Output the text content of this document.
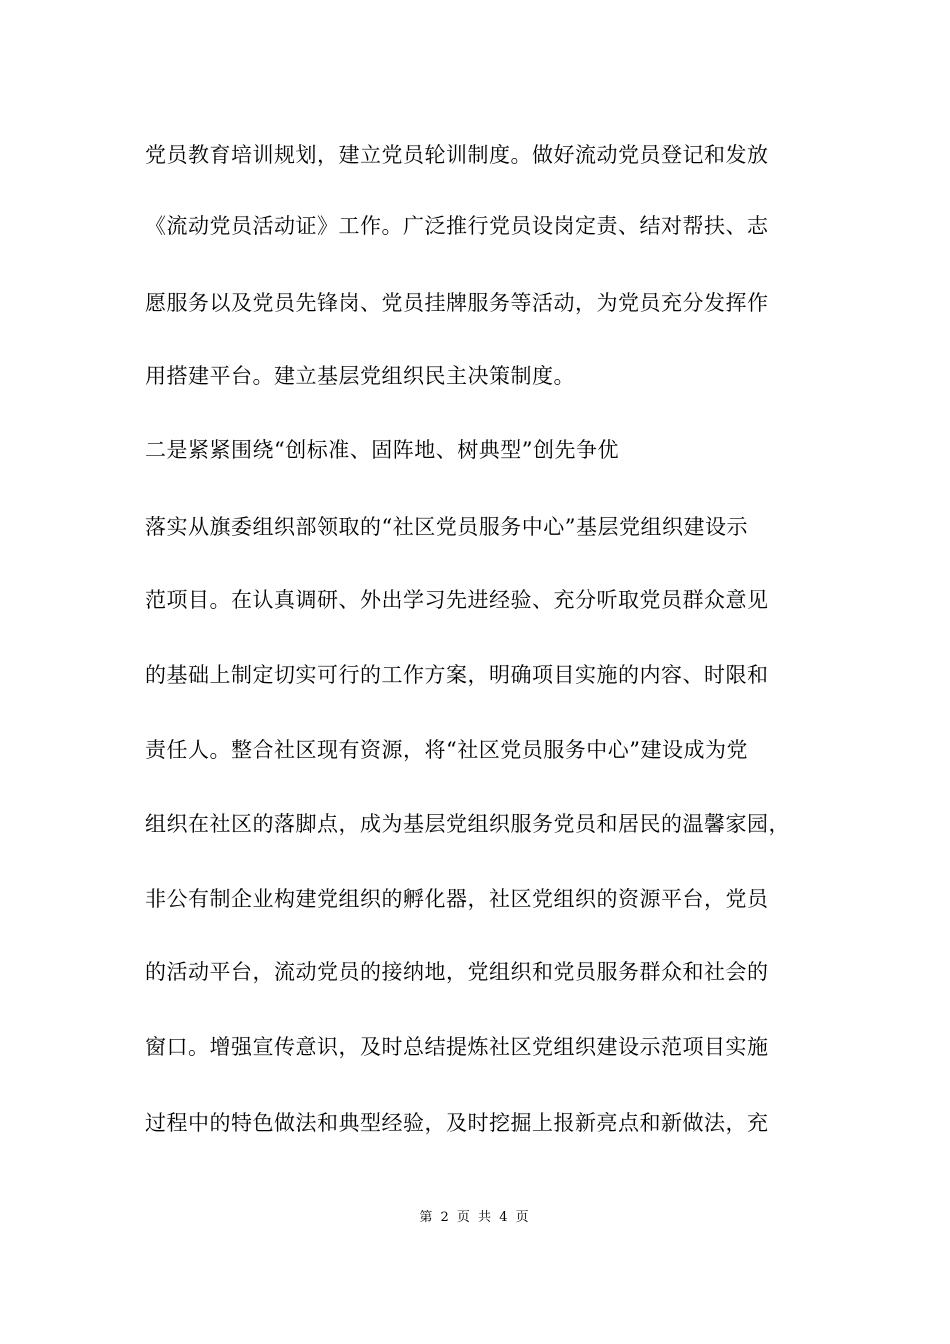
党员教育培训规划，建立党员轮训制度。做好流动党员登记和发放
《流动党员活动证》工作。广泛推行党员设岗定责、结对帮扶、志
愿服务以及党员先锋岗、党员挂牌服务等活动，为党员充分发挥作
用搭建平台。建立基层党组织民主决策制度。
二是紧紧围绕“创标准、固阵地、树典型”创先争优
落实从旗委组织部领取的“社区党员服务中心”基层党组织建设示
范项目。在认真调研、外出学习先进经验、充分听取党员群众意见
的基础上制定切实可行的工作方案，明确项目实施的内容、时限和
责任人。整合社区现有资源，将“社区党员服务中心”建设成为党
组织在社区的落脚点，成为基层党组织服务党员和居民的温馨家园，
非公有制企业构建党组织的孵化器，社区党组织的资源平台，党员
的活动平台，流动党员的接纳地，党组织和党员服务群众和社会的
窗口。增强宣传意识，及时总结提炼社区党组织建设示范项目实施
过程中的特色做法和典型经验，及时挖掘上报新亮点和新做法，充
第 2 页 共 4 页
